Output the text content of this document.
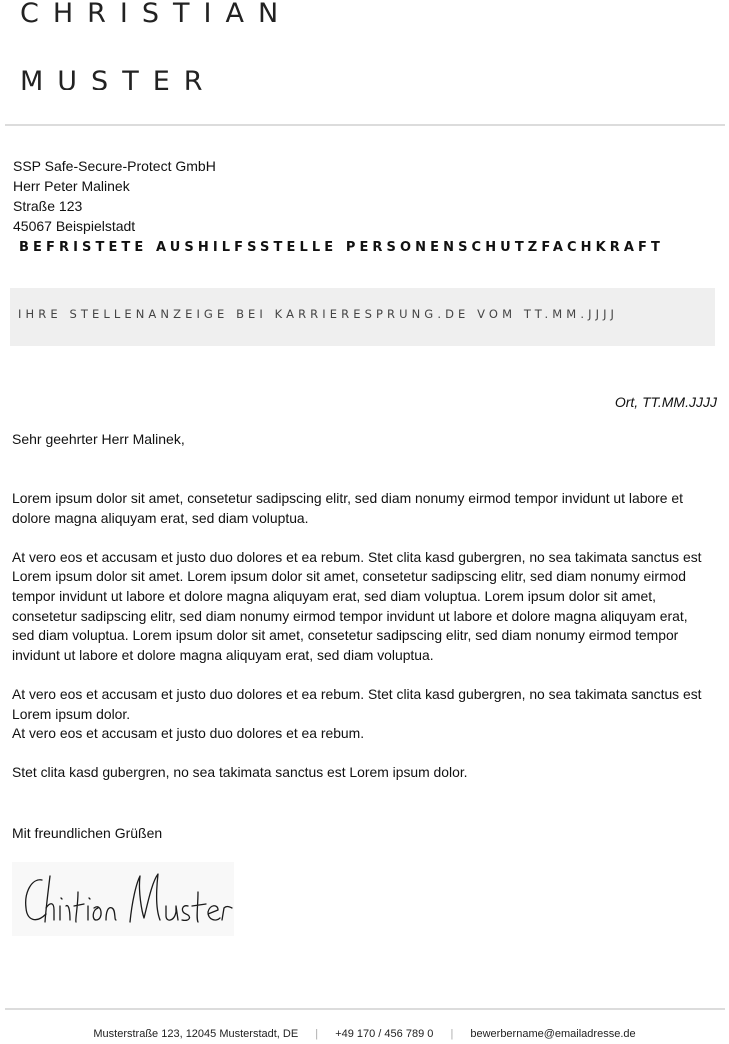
CHRISTIAN
MUSTER
SSP Safe-Secure-Protect GmbH
Herr Peter Malinek
Straße 123
45067 Beispielstadt
BEFRISTETE AUSHILFSSTELLE PERSONENSCHUTZFACHKRAFT
IHRE STELLENANZEIGE BEI KARRIERESPRUNG.DE VOM TT.MM.JJJJ
Ort, TT.MM.JJJJ
Sehr geehrter Herr Malinek,

Lorem ipsum dolor sit amet, consetetur sadipscing elitr, sed diam nonumy eirmod tempor invidunt ut labore et dolore magna aliquyam erat, sed diam voluptua.

At vero eos et accusam et justo duo dolores et ea rebum. Stet clita kasd gubergren, no sea takimata sanctus est Lorem ipsum dolor sit amet. Lorem ipsum dolor sit amet, consetetur sadipscing elitr, sed diam nonumy eirmod tempor invidunt ut labore et dolore magna aliquyam erat, sed diam voluptua. Lorem ipsum dolor sit amet, consetetur sadipscing elitr, sed diam nonumy eirmod tempor invidunt ut labore et dolore magna aliquyam erat, sed diam voluptua. Lorem ipsum dolor sit amet, consetetur sadipscing elitr, sed diam nonumy eirmod tempor invidunt ut labore et dolore magna aliquyam erat, sed diam voluptua.

At vero eos et accusam et justo duo dolores et ea rebum. Stet clita kasd gubergren, no sea takimata sanctus est Lorem ipsum dolor.
At vero eos et accusam et justo duo dolores et ea rebum.

Stet clita kasd gubergren, no sea takimata sanctus est Lorem ipsum dolor.

Mit freundlichen Grüßen
Musterstraße 123, 12045 Musterstadt, DE | +49 170 / 456 789 0 | bewerbername@emailadresse.de
